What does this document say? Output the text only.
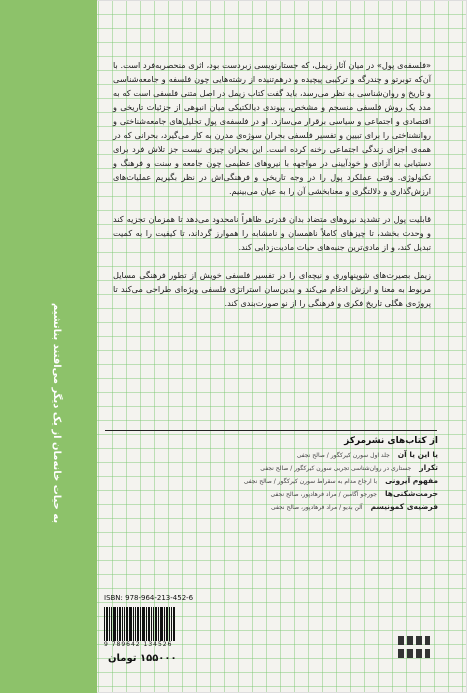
به حیات خانه‌مان از یک دیگر می‌افتند بناتشیم

«فلسفه‌ی پول» در میان آثار زیمل، که جستارنویسی زبردست بود، اثری منحصربه‌فرد است. با آن‌که توبرتو و چندرگه و ترکیبی پیچیده و درهم‌تنیده از رشته‌هایی چون فلسفه و جامعه‌شناسی و تاریخ و روان‌شناسی به نظر می‌رسد، باید گفت کتاب زیمل در اصل متنی فلسفی است که به مدد یک روش فلسفی منسجم و مشخص، پیوندی دیالکتیکی میان انبوهی از جزئیات تاریخی و اقتصادی و اجتماعی و سیاسی برقرار می‌سازد. او در فلسفه‌ی پول تحلیل‌های جامعه‌شناختی و روانشناختی را برای تبیین و تفسیر فلسفی بحران سوژه‌ی مدرن به کار می‌گیرد، بحرانی که در همه‌ی اجزای زندگی اجتماعی رخنه کرده است. این بحران چیزی نیست جز تلاش فرد برای دستیابی به آزادی و خودآیینی در مواجهه با نیروهای عظیمی چون جامعه و سنت و فرهنگ و تکنولوژی. وقتی عملکرد پول را در وجه تاریخی و فرهنگی‌اش در نظر بگیریم عملیات‌های ارزش‌گذاری و دلالتگری و معنابخشی آن را به عیان می‌بینیم.

قابلیت پول در تشدید نیروهای متضاد بدان قدرتی ظاهراً نامحدود می‌دهد تا همزمان تجزیه کند و وحدت بخشد، تا چیزهای کاملاً ناهمسان و نامشابه را هموارز گرداند، تا کیفیت را به کمیت تبدیل کند، و از مادی‌ترین جنبه‌های حیات مادیت‌زدایی کند.

زیمل بصیرت‌های شوپنهاوری و نیچه‌ای را در تفسیر فلسفی خویش از تطور فرهنگی مسایل مربوط به معنا و ارزش ادغام می‌کند و بدین‌سان استراتژی فلسفی ویژه‌ای طراحی می‌کند تا پروژه‌ی هگلی تاریخ فکری و فرهنگی را از نو صورت‌بندی کند.

از کتاب‌های نشرمرکز
یا این یا آن
جلد اول سورن کیرکگور / صالح نجفی
تکرار
جستاری در روان‌شناسی تجربی سورن کیرکگور / صالح نجفی
مفهوم آیرونی
با ارجاع مدام به سقراط سورن کیرکگور / صالح نجفی
حرمت‌شکنی‌ها
جورجو آگامبن / مراد فرهادپور، صالح نجفی
فرضیه‌ی کمونیسم
آلن بدیو / مراد فرهادپور، صالح نجفی
ISBN: 978-964-213-452-6
9 789642 134526
۱۵۵۰۰۰ تومان
